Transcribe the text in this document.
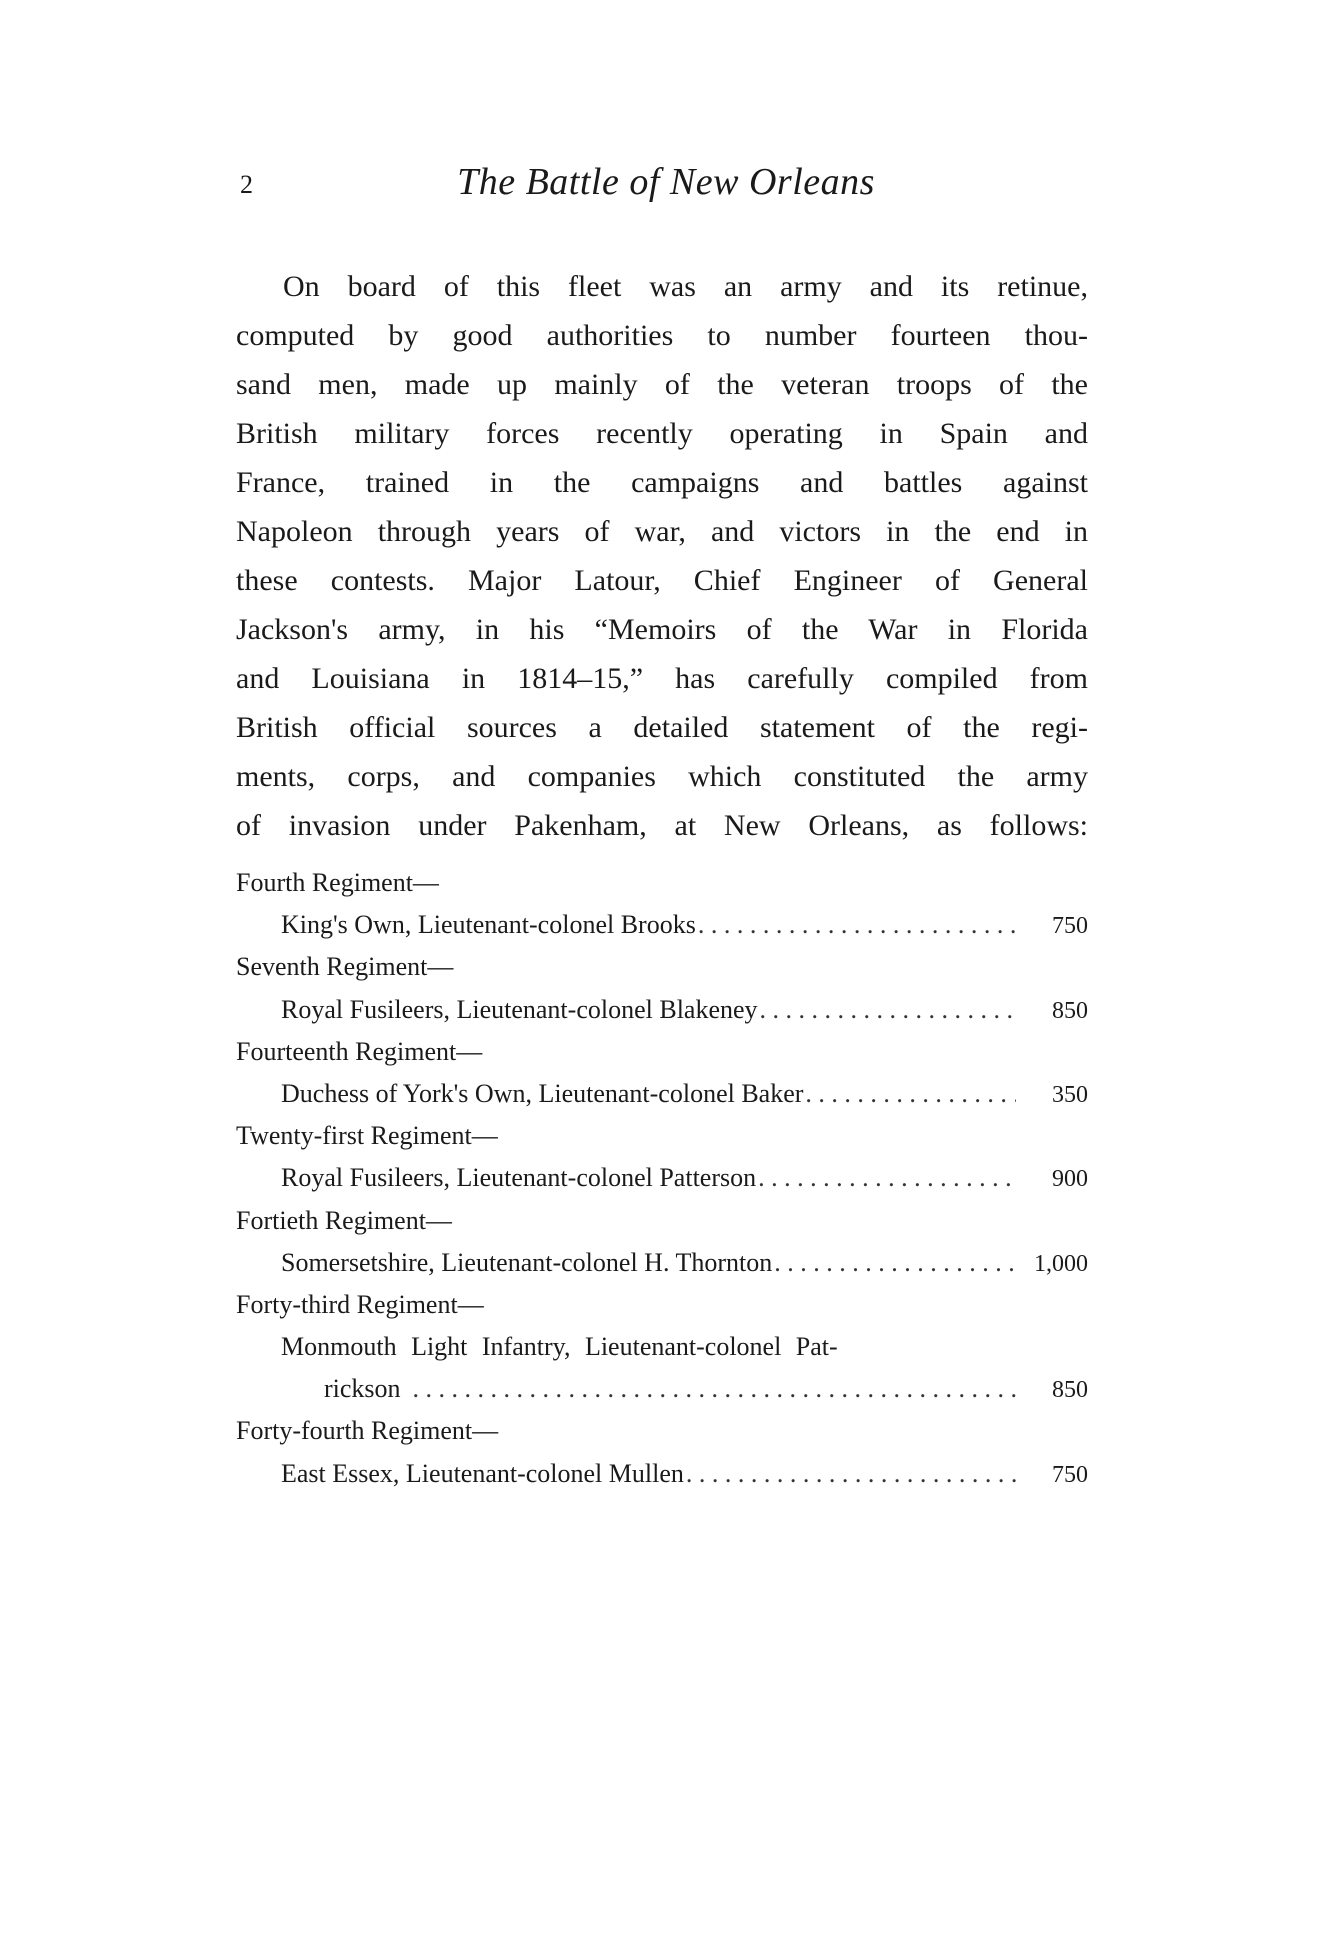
2	The Battle of New Orleans
On board of this fleet was an army and its retinue,
computed by good authorities to number fourteen thou-
sand men, made up mainly of the veteran troops of the
British military forces recently operating in Spain and
France, trained in the campaigns and battles against
Napoleon through years of war, and victors in the end in
these contests. Major Latour, Chief Engineer of General
Jackson's army, in his “Memoirs of the War in Florida
and Louisiana in 1814–15,” has carefully compiled from
British official sources a detailed statement of the regi-
ments, corps, and companies which constituted the army
of invasion under Pakenham, at New Orleans, as follows:
Fourth Regiment—
King's Own, Lieutenant-colonel Brooks . . .	750
Seventh Regiment—
Royal Fusileers, Lieutenant-colonel Blakeney . . .	850
Fourteenth Regiment—
Duchess of York's Own, Lieutenant-colonel Baker . . .	350
Twenty-first Regiment—
Royal Fusileers, Lieutenant-colonel Patterson . . .	900
Fortieth Regiment—
Somersetshire, Lieutenant-colonel H. Thornton . . .	1,000
Forty-third Regiment—
Monmouth Light Infantry, Lieutenant-colonel Pat-
rickson . . .	850
Forty-fourth Regiment—
East Essex, Lieutenant-colonel Mullen . . .	750
